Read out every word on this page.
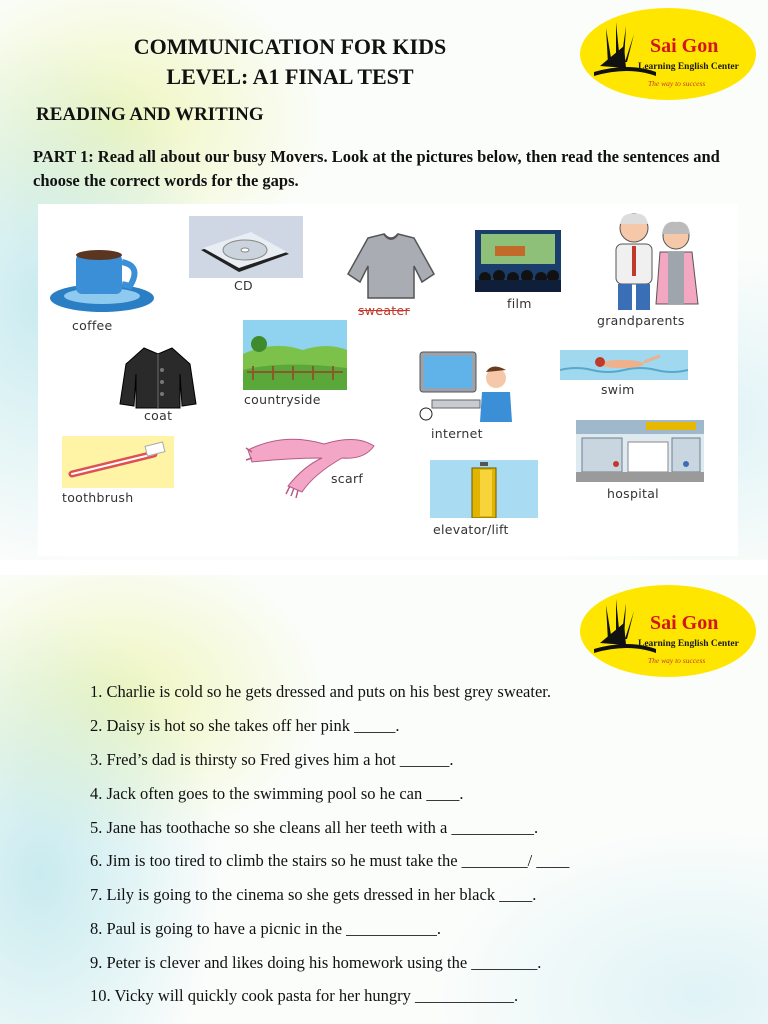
Sai Gon
Learning English Center
The way to success
COMMUNICATION FOR KIDS
LEVEL: A1 FINAL TEST
READING AND WRITING
PART 1: Read all about our busy Movers. Look at the pictures below, then read the sentences and choose the correct words for the gaps.
coffee
CD
sweater	film
grandparents
coat
countryside
internet
swim
toothbrush
scarf
hospital
elevator/lift
Sai Gon
Learning English Center
The way to success
1. Charlie is cold so he gets dressed and puts on his best grey sweater.
2. Daisy is hot so she takes off her pink _____.
3. Fred’s dad is thirsty so Fred gives him a hot ______.
4. Jack often goes to the swimming pool so he can ____.
5. Jane has toothache so she cleans all her teeth with a __________.
6. Jim is too tired to climb the stairs so he must take the ________/ ____
7. Lily is going to the cinema so she gets dressed in her black ____.
8. Paul is going to have a picnic in the ___________.
9. Peter is clever and likes doing his homework using the ________.
10. Vicky will quickly cook pasta for her hungry ____________.
